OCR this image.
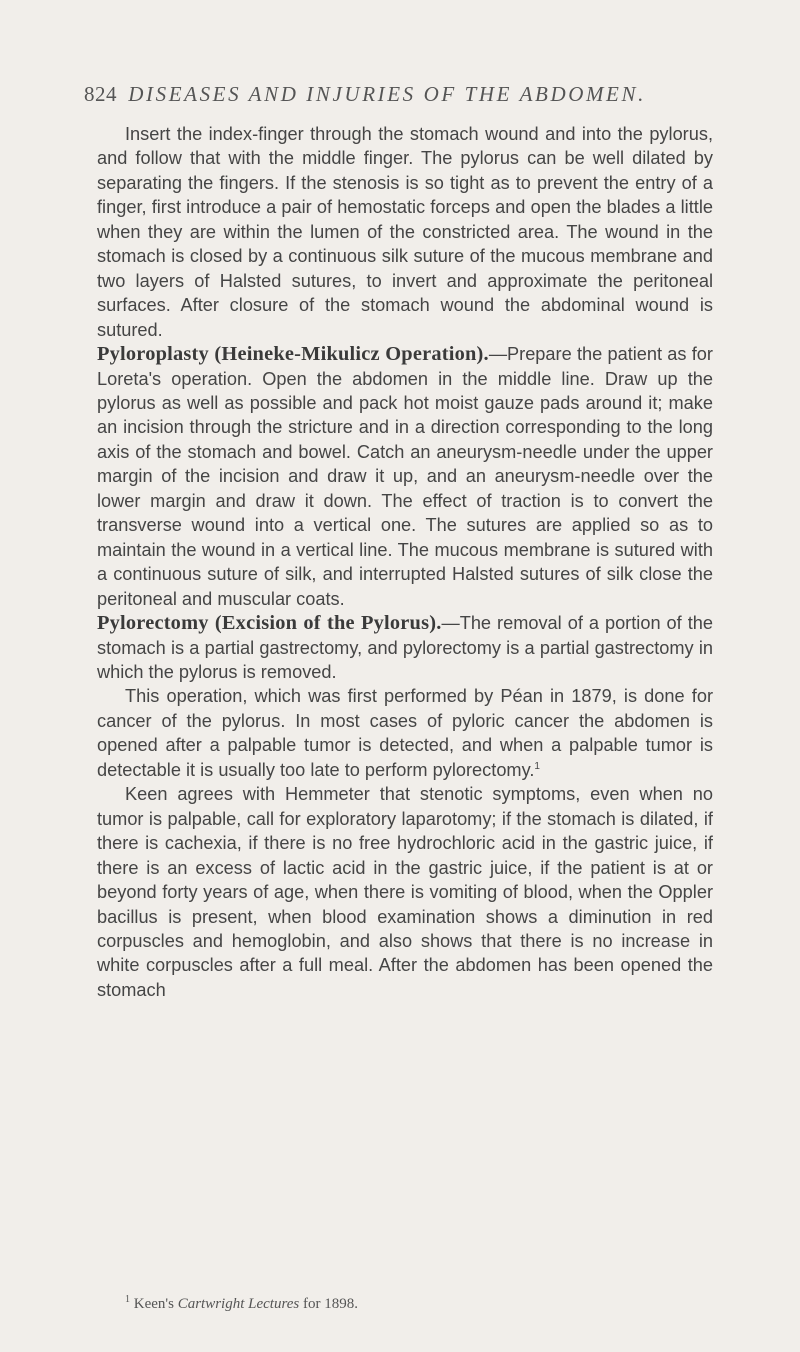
824 DISEASES AND INJURIES OF THE ABDOMEN.

Insert the index-finger through the stomach wound and into the pylorus, and follow that with the middle finger. The pylorus can be well dilated by separating the fingers. If the stenosis is so tight as to prevent the entry of a finger, first introduce a pair of hemostatic forceps and open the blades a little when they are within the lumen of the constricted area. The wound in the stomach is closed by a continuous silk suture of the mucous membrane and two layers of Halsted sutures, to invert and approximate the peritoneal surfaces. After closure of the stomach wound the abdominal wound is sutured.

Pyloroplasty (Heineke-Mikulicz Operation).—Prepare the patient as for Loreta's operation. Open the abdomen in the middle line. Draw up the pylorus as well as possible and pack hot moist gauze pads around it; make an incision through the stricture and in a direction corresponding to the long axis of the stomach and bowel. Catch an aneurysm-needle under the upper margin of the incision and draw it up, and an aneurysm-needle over the lower margin and draw it down. The effect of traction is to convert the transverse wound into a vertical one. The sutures are applied so as to maintain the wound in a vertical line. The mucous membrane is sutured with a continuous suture of silk, and interrupted Halsted sutures of silk close the peritoneal and muscular coats.

Pylorectomy (Excision of the Pylorus).—The removal of a portion of the stomach is a partial gastrectomy, and pylorectomy is a partial gastrectomy in which the pylorus is removed.

This operation, which was first performed by Péan in 1879, is done for cancer of the pylorus. In most cases of pyloric cancer the abdomen is opened after a palpable tumor is detected, and when a palpable tumor is detectable it is usually too late to perform pylorectomy.$^1$

Keen agrees with Hemmeter that stenotic symptoms, even when no tumor is palpable, call for exploratory laparotomy; if the stomach is dilated, if there is cachexia, if there is no free hydrochloric acid in the gastric juice, if there is an excess of lactic acid in the gastric juice, if the patient is at or beyond forty years of age, when there is vomiting of blood, when the Oppler bacillus is present, when blood examination shows a diminution in red corpuscles and hemoglobin, and also shows that there is no increase in white corpuscles after a full meal. After the abdomen has been opened the stomach

$^1$ Keen's Cartwright Lectures for 1898.
